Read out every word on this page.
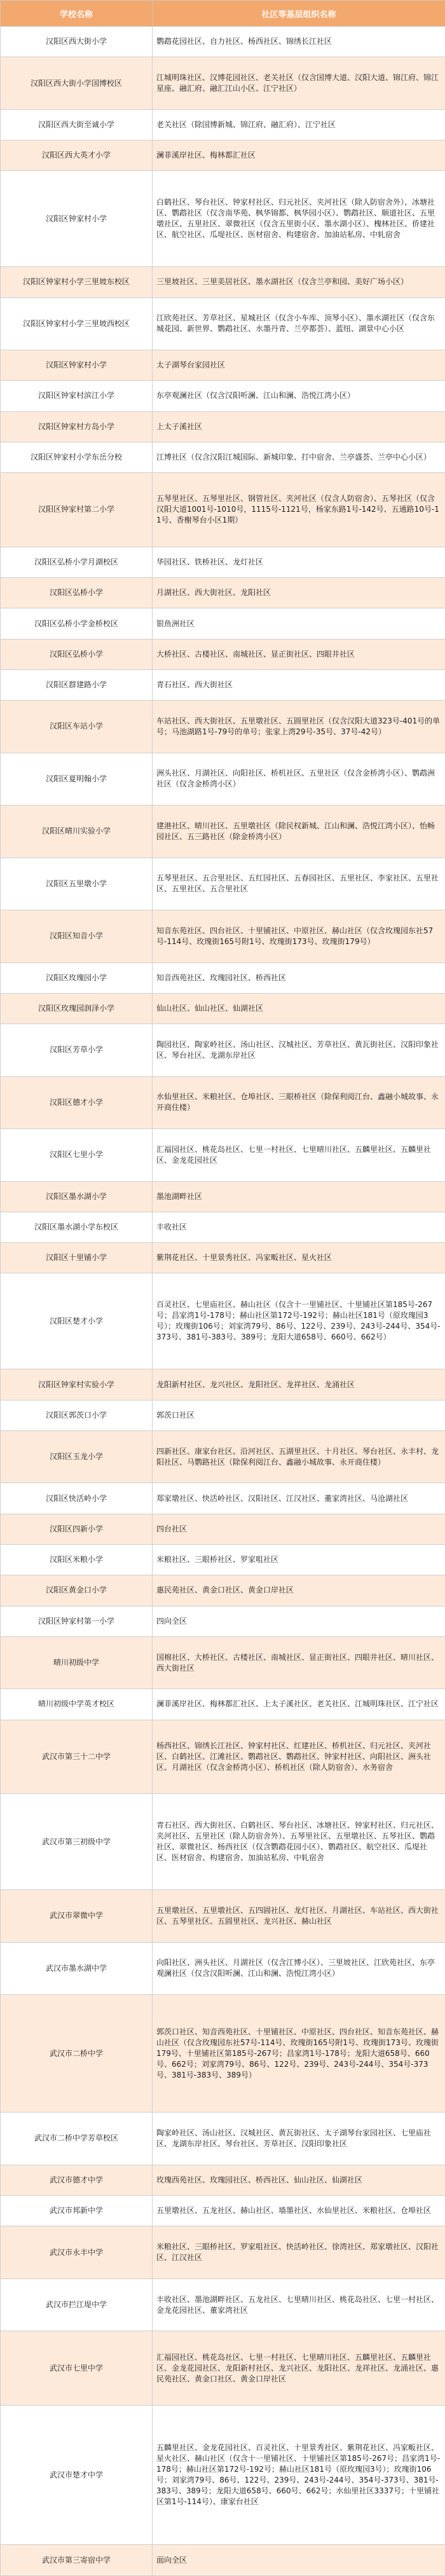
学校名称	社区等基层组织名称
汉阳区西大街小学	鹦鹉花园社区、自力社区、杨西社区、锦绣长江社区
汉阳区西大街小学国博校区	江城明珠社区、汉博花园社区、老关社区（仅含国博大道、汉阳大道、锦江府、锦江星座、融汇府、融汇江山小区、江宁社区）
汉阳区西大街至诚小学	老关社区（除国博新城、锦江府、融汇府）、江宁社区
汉阳区西大英才小学	澜菲溪岸社区、梅林都汇社区
汉阳区钟家村小学	白鹤社区、琴台社区、钟家村社区、归元社区、夹河社区（除人防宿舍外）、冰塘社区、鹦鹉社区（仅含南华苑、枫华锦都、枫华园小区）、鹦鹉社区、顺道社区、五里墩社区、五里社区、翠微社区（仅含五里街小区、墨水湖小区）、槐林社区、侨建社区、航空社区、瓜堤社区、医材宿舍、构建宿舍、加油站私房、中轧宿舍
汉阳区钟家村小学三里坡东校区	三里坡社区、三里美居社区、墨水湖社区（仅含兰亭和园、美好广场小区）
汉阳区钟家村小学三里坡西校区	江欣苑社区、芳草社区、星城社区（仅含小车库、顶琴小区）、墨水湖社区（仅含东城花园、新世界、鹦鹉社区、水墨丹青、兰亭都荟）、蓝纽、湖景中心小区
汉阳区钟家村小学	太子湖琴台家园社区
汉阳区钟家村滨江小学	东亭观澜社区（仅含汉阳听澜、江山和澜、浩悦江湾小区）
汉阳区钟家村方岛小学	上太子溪社区
汉阳区钟家村小学东岳分校	江博社区（仅含汉阳江城国际、新城印象、打中宿舍、兰亭盛荟、兰亭中心小区）
汉阳区钟家村第二小学	五琴里社区、五琴里社区、钢管社区、夹河社区（仅含人防宿舍）、五琴社区（仅含汉阳大道1001号-1010号，1115号-1121号，杨家东路1号-142号、五通路10号-11号、香榭琴台小区1期）
汉阳区弘桥小学月湖校区	华园社区、铁桥社区、龙灯社区
汉阳区弘桥小学	月湖社区、西大街社区、龙阳社区
汉阳区弘桥小学金桥校区	银鱼洲社区
汉阳区弘桥小学	大桥社区、古楼社区、南城社区、显正街社区、四眼井社区
汉阳区群建路小学	青石社区、西大街社区
汉阳区车站小学	车站社区、西大街社区、五里墩社区、五圆里社区（仅含汉阳大道323号-401号的单号；马池湖路1号-79号的单号；张家上湾29号-35号、37号-42号）
汉阳区夏明翰小学	洲头社区、月湖社区、向阳社区、桥机社区、五里社区（仅含金桥湾小区）、鹦鹉洲社区（仅含金桥湾小区）
汉阳区晴川实验小学	建港社区、晴川社区、五里墩社区（除民权新城、江山和澜、浩悦江湾小区）、怡畅园社区、五三路社区（除金桥湾小区）
汉阳区五里墩小学	五琴里社区、五合里社区、五红园社区、五春园社区、五里社区、李家社区、五里社区、五里社区、五合里社区
汉阳区知音小学	知音东苑社区、四台社区、十里铺社区、中原社区、赫山社区（仅含玫瑰园东社57号-114号、玫瑰街165号附1号、玫瑰街173号、玫瑰街179号）
汉阳区玫瑰园小学	知音西苑社区、玫瑰园社区、桥西社区
汉阳区玫瑰园润泽小学	仙山社区、仙山社区、仙湖社区
汉阳区芳草小学	陶园社区、陶家岭社区、汤山社区、汉城社区、芳草社区、黄瓦街社区、汉阳印象社区、琴台社区、龙湖东岸社区
汉阳区德才小学	水仙里社区、米粮社区、仓埠社区、三眼桥社区（除保利阅江台、鑫融小城故事、永开商住楼）
汉阳区七里小学	汇福园社区、桃花岛社区、七里一村社区、七里晴川社区、五麟里社区、五麟里社区、金龙花园社区
汉阳区墨水湖小学	墨池湖畔社区
汉阳区墨水湖小学东校区	丰收社区
汉阳区十里铺小学	紫荆花社区、十里景秀社区、冯家畈社区、星火社区
汉阳区楚才小学	百灵社区、七里庙社区、赫山社区（仅含十一里铺社区、十里铺社区第185号-267号；昌家湾1号-178号；赫山社区第172号-192号；赫山社区181号（原玫瑰园3号）；玫瑰街106号；刘家湾79号、86号、122号、239号、243号-244号、354号-373号、381号-383号、389号；龙阳大道658号、660号、662号）
汉阳区钟家村实验小学	龙阳新村社区、龙兴社区、龙阳社区、龙祥社区、龙涌社区
汉阳区郭茨口小学	郭茨口社区
汉阳区玉龙小学	四新社区、康家台社区、沿河社区、五湖里社区、十月社区、琴台社区、永丰村、龙阳社区、马鹦路社区（除保利阅江台、鑫融小城故事、永开商住楼）
汉阳区快活岭小学	郑家墩社区、快活岭社区、汉阳社区、江汉社区、董家湾社区、马沧湖社区
汉阳区四新小学	四台社区
汉阳区米粮小学	米粮社区、三眼桥社区、罗家咀社区
汉阳区黄金口小学	惠民苑社区、黄金口社区、黄金口岸社区
汉阳区钟家村第一小学	四向全区
晴川初级中学	国棉社区、大桥社区、古楼社区、南城社区、显正街社区、四眼井社区、晴川社区、西大街社区
晴川初级中学英才校区	澜菲溪岸社区、梅林都汇社区、上太子溪社区、老关社区、江城明珠社区、江宁社区
武汉市第三十二中学	杨西社区、锦绣长江社区、钟家村社区、红建社区、桥机社区、归元社区、夹河社区、白鹤社区、江滩社区、鹦鹉社区、鹦鹉社区、钟家村社区、向阳社区、洲头社区、月湖社区（仅含金桥湾小区）、桥机社区（除人防宿舍）、水务宿舍
武汉市第三初级中学	青石社区、西大街社区、白鹤社区、琴台社区、冰塘社区、钟家村社区、归元社区、夹河社区、五里社区（除人防宿舍外）、五琴里社区、五里墩社区、五琴社区、鹦鹉社区、翠微社区、杨西社区（仅含鹦鹉花园小区）、鹦鹉社区、航空社区、瓜堤社区、医材宿舍、构建宿舍、加油站私房、中轧宿舍
武汉市翠微中学	五里墩社区、五里墩社区、五四圆社区、龙灯社区、月湖社区、车站社区、西大街社区、五琴里社区、五圆里社区、龙兴社区、赫山社区
武汉市墨水湖中学	向阳社区、洲头社区、月湖社区（仅含江博小区）、三里坡社区、江欣苑社区、东亭观澜社区（仅含汉阳听澜、江山和澜、浩悦江湾小区）
武汉市二桥中学	郭茨口社区、知音西苑社区、十里铺社区、中原社区、四台社区、知音东苑社区、赫山社区（仅含玫瑰园东社57号-114号、玫瑰街165号附1号、玫瑰街173号、玫瑰街179号、十里铺社区第185号-267号；昌家湾1号-178号；龙阳大道658号、660号、662号；刘家湾79号、86号、122号、239号、243号-244号、354号-373号、381号-383号、389号）
武汉市二桥中学芳草校区	陶家岭社区、汤山社区、汉城社区、黄瓦街社区、太子湖琴台家园社区、七里庙社区、龙湖东岸社区、琴台社区、芳草社区、汉阳印象社区
武汉市德才中学	玫瑰西苑社区、玫瑰园社区、桥西社区、仙山社区、仙湖社区
武汉市邦新中学	五里墩社区、五龙社区、赫山社区、墙墨社区、水仙里社区、米粮社区、仓埠社区
武汉市永丰中学	米粮社区、三眼桥社区、罗家咀社区、快活岭社区、徐湾社区、郑家墩社区、汉阳社区、江汉社区
武汉市拦江堤中学	丰收社区、墨池湖畔社区、五龙社区、七里晴川社区、桃花岛社区、七里一村社区、金龙花园社区、董家湾社区
武汉市七里中学	汇福园社区、桃花岛社区、七里一村社区、七里晴川社区、五麟里社区、五麟里社区、金龙花园社区、龙阳新村社区、龙兴社区、龙阳社区、龙祥社区、龙涌社区、惠民苑社区、黄金口社区、黄金口岸社区
武汉市楚才中学	五麟里社区、金龙花园社区、百灵社区、十里景秀社区、紫荆花社区、冯家畈社区、星火社区、赫山社区（仅含十一里铺社区、十里铺社区第185号-267号；昌家湾1号-178号；赫山社区第172号-192号；赫山社区181号（原玫瑰园3号）；玫瑰街106号；刘家湾79号、86号、122号、239号、243号-244号、354号-373号、381号-383号、389号；龙阳大道658号、660号、662号；水仙里社区3337号；十里铺社区第1号-114号）、康家台社区
武汉市第三寄宿中学	面向全区
